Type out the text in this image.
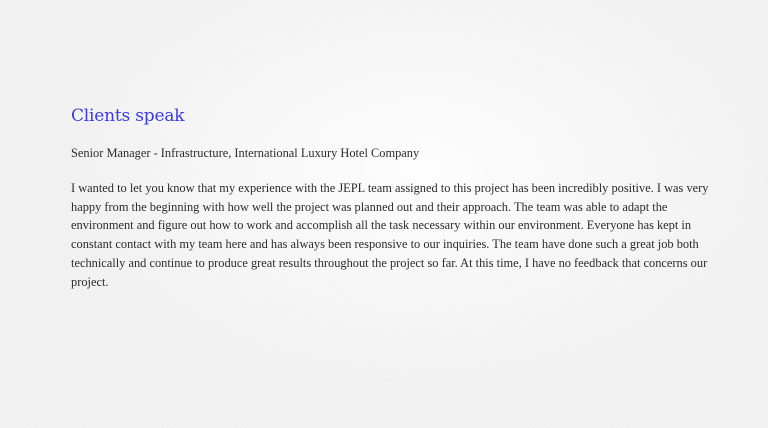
Clients speak

Senior Manager - Infrastructure, International Luxury Hotel Company

I wanted to let you know that my experience with the JEPL team assigned to this project has been incredibly positive. I was very happy from the beginning with how well the project was planned out and their approach. The team was able to adapt the environment and figure out how to work and accomplish all the task necessary within our environment. Everyone has kept in constant contact with my team here and has always been responsive to our inquiries. The team have done such a great job both technically and continue to produce great results throughout the project so far. At this time, I have no feedback that concerns our project.
